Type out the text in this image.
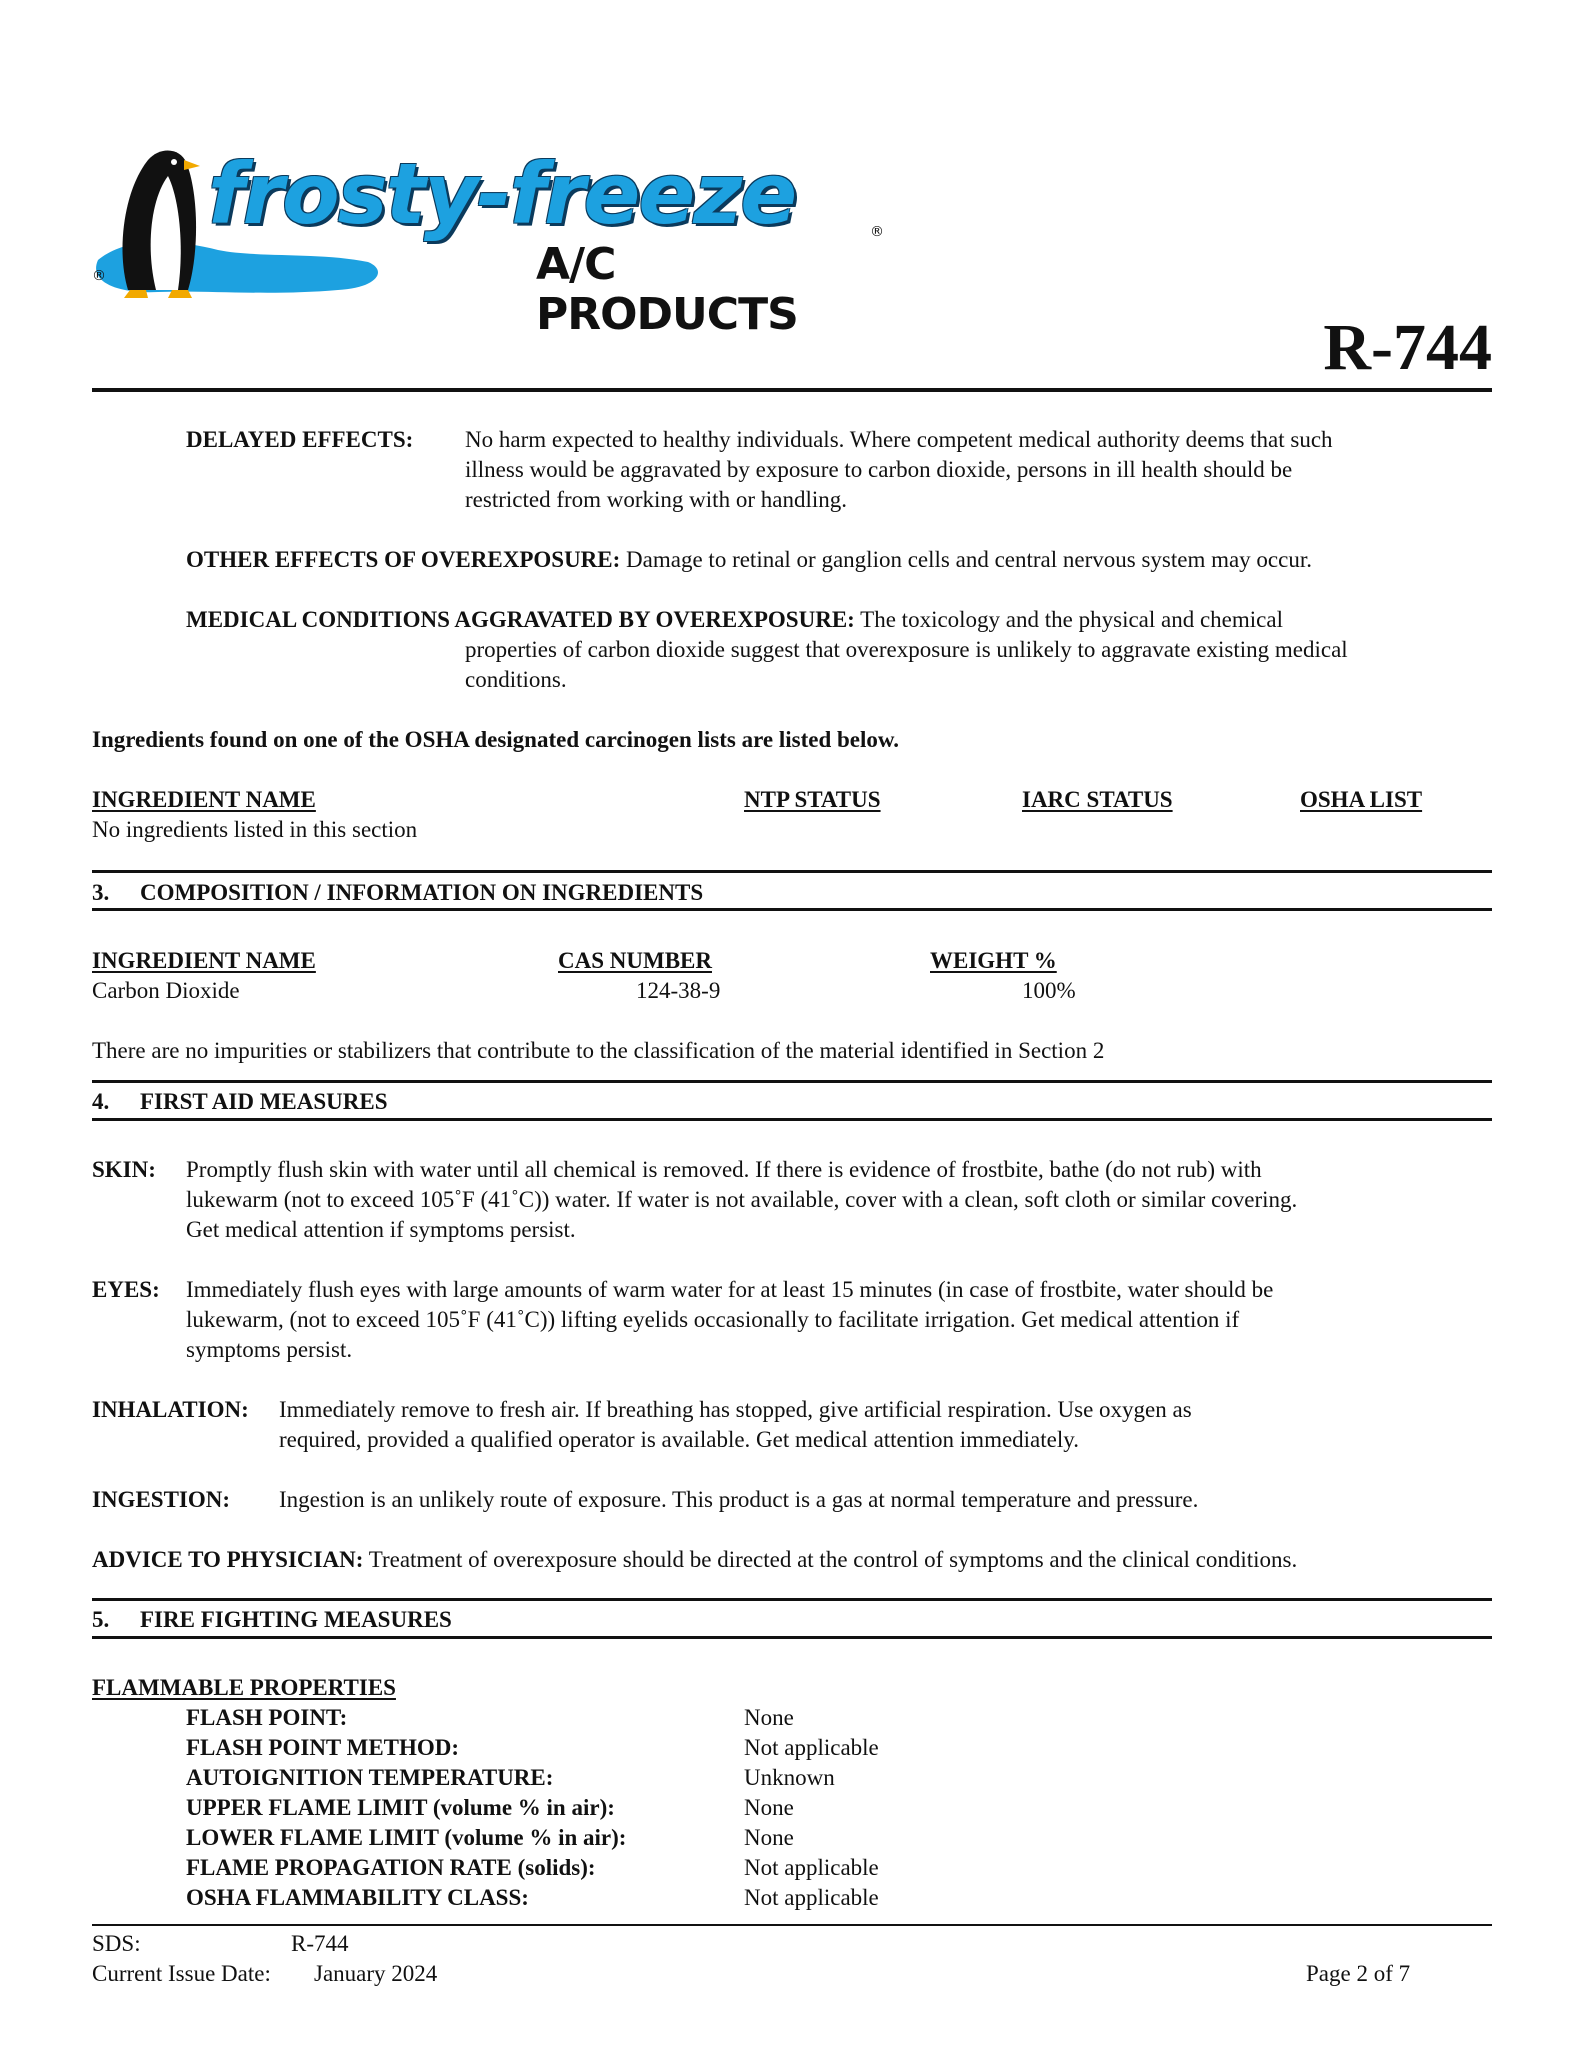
®
frosty-freeze	®
A/C PRODUCTS	R-744
DELAYED EFFECTS: No harm expected to healthy individuals. Where competent medical authority deems that such
illness would be aggravated by exposure to carbon dioxide, persons in ill health should be
restricted from working with or handling.
OTHER EFFECTS OF OVEREXPOSURE: Damage to retinal or ganglion cells and central nervous system may occur.
MEDICAL CONDITIONS AGGRAVATED BY OVEREXPOSURE: The toxicology and the physical and chemical
properties of carbon dioxide suggest that overexposure is unlikely to aggravate existing medical
conditions.
Ingredients found on one of the OSHA designated carcinogen lists are listed below.
INGREDIENT NAME	NTP STATUS	IARC STATUS	OSHA LIST
No ingredients listed in this section
3. COMPOSITION / INFORMATION ON INGREDIENTS
INGREDIENT NAME	CAS NUMBER	WEIGHT %
Carbon Dioxide	124-38-9	100%
There are no impurities or stabilizers that contribute to the classification of the material identified in Section 2
4. FIRST AID MEASURES
SKIN: Promptly flush skin with water until all chemical is removed. If there is evidence of frostbite, bathe (do not rub) with
lukewarm (not to exceed 105˚F (41˚C)) water. If water is not available, cover with a clean, soft cloth or similar covering.
Get medical attention if symptoms persist.
EYES: Immediately flush eyes with large amounts of warm water for at least 15 minutes (in case of frostbite, water should be
lukewarm, (not to exceed 105˚F (41˚C)) lifting eyelids occasionally to facilitate irrigation. Get medical attention if
symptoms persist.
INHALATION: Immediately remove to fresh air. If breathing has stopped, give artificial respiration. Use oxygen as
required, provided a qualified operator is available. Get medical attention immediately.
INGESTION: Ingestion is an unlikely route of exposure. This product is a gas at normal temperature and pressure.
ADVICE TO PHYSICIAN: Treatment of overexposure should be directed at the control of symptoms and the clinical conditions.
5. FIRE FIGHTING MEASURES
FLAMMABLE PROPERTIES
FLASH POINT:	None
FLASH POINT METHOD:	Not applicable
AUTOIGNITION TEMPERATURE:	Unknown
UPPER FLAME LIMIT (volume % in air):	None
LOWER FLAME LIMIT (volume % in air):	None
FLAME PROPAGATION RATE (solids):	Not applicable
OSHA FLAMMABILITY CLASS:	Not applicable
SDS:	R-744
Current Issue Date: January 2024	Page 2 of 7
